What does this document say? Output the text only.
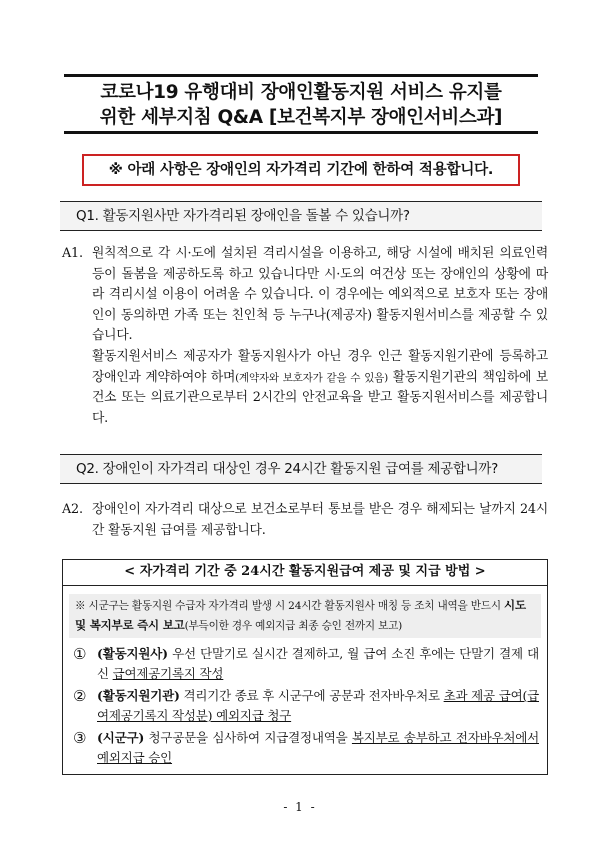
코로나19 유행대비 장애인활동지원 서비스 유지를
위한 세부지침 Q&A [보건복지부 장애인서비스과]
※ 아래 사항은 장애인의 자가격리 기간에 한하여 적용합니다.
Q1. 활동지원사만 자가격리된 장애인을 돌볼 수 있습니까?
A1. 원칙적으로 각 시·도에 설치된 격리시설을 이용하고, 해당 시설에 배치된 의료인력 등이 돌봄을 제공하도록 하고 있습니다만 시·도의 여건상 또는 장애인의 상황에 따라 격리시설 이용이 어려울 수 있습니다. 이 경우에는 예외적으로 보호자 또는 장애인이 동의하면 가족 또는 친인척 등 누구나(제공자) 활동지원서비스를 제공할 수 있습니다.

활동지원서비스 제공자가 활동지원사가 아닌 경우 인근 활동지원기관에 등록하고 장애인과 계약하여야 하며(계약자와 보호자가 같을 수 있음) 활동지원기관의 책임하에 보건소 또는 의료기관으로부터 2시간의 안전교육을 받고 활동지원서비스를 제공합니다.

Q2. 장애인이 자가격리 대상인 경우 24시간 활동지원 급여를 제공합니까?
A2. 장애인이 자가격리 대상으로 보건소로부터 통보를 받은 경우 해제되는 날까지 24시간 활동지원 급여를 제공합니다.

< 자가격리 기간 중 24시간 활동지원급여 제공 및 지급 방법 >
※ 시군구는 활동지원 수급자 자가격리 발생 시 24시간 활동지원사 매칭 등 조치 내역을 반드시 시도 및 복지부로 즉시 보고(부득이한 경우 예외지급 최종 승인 전까지 보고)
① (활동지원사) 우선 단말기로 실시간 결제하고, 월 급여 소진 후에는 단말기 결제 대신 급여제공기록지 작성
② (활동지원기관) 격리기간 종료 후 시군구에 공문과 전자바우처로 초과 제공 급여(급여제공기록지 작성분) 예외지급 청구
③ (시군구) 청구공문을 심사하여 지급결정내역을 복지부로 송부하고 전자바우처에서 예외지급 승인
- 1 -
